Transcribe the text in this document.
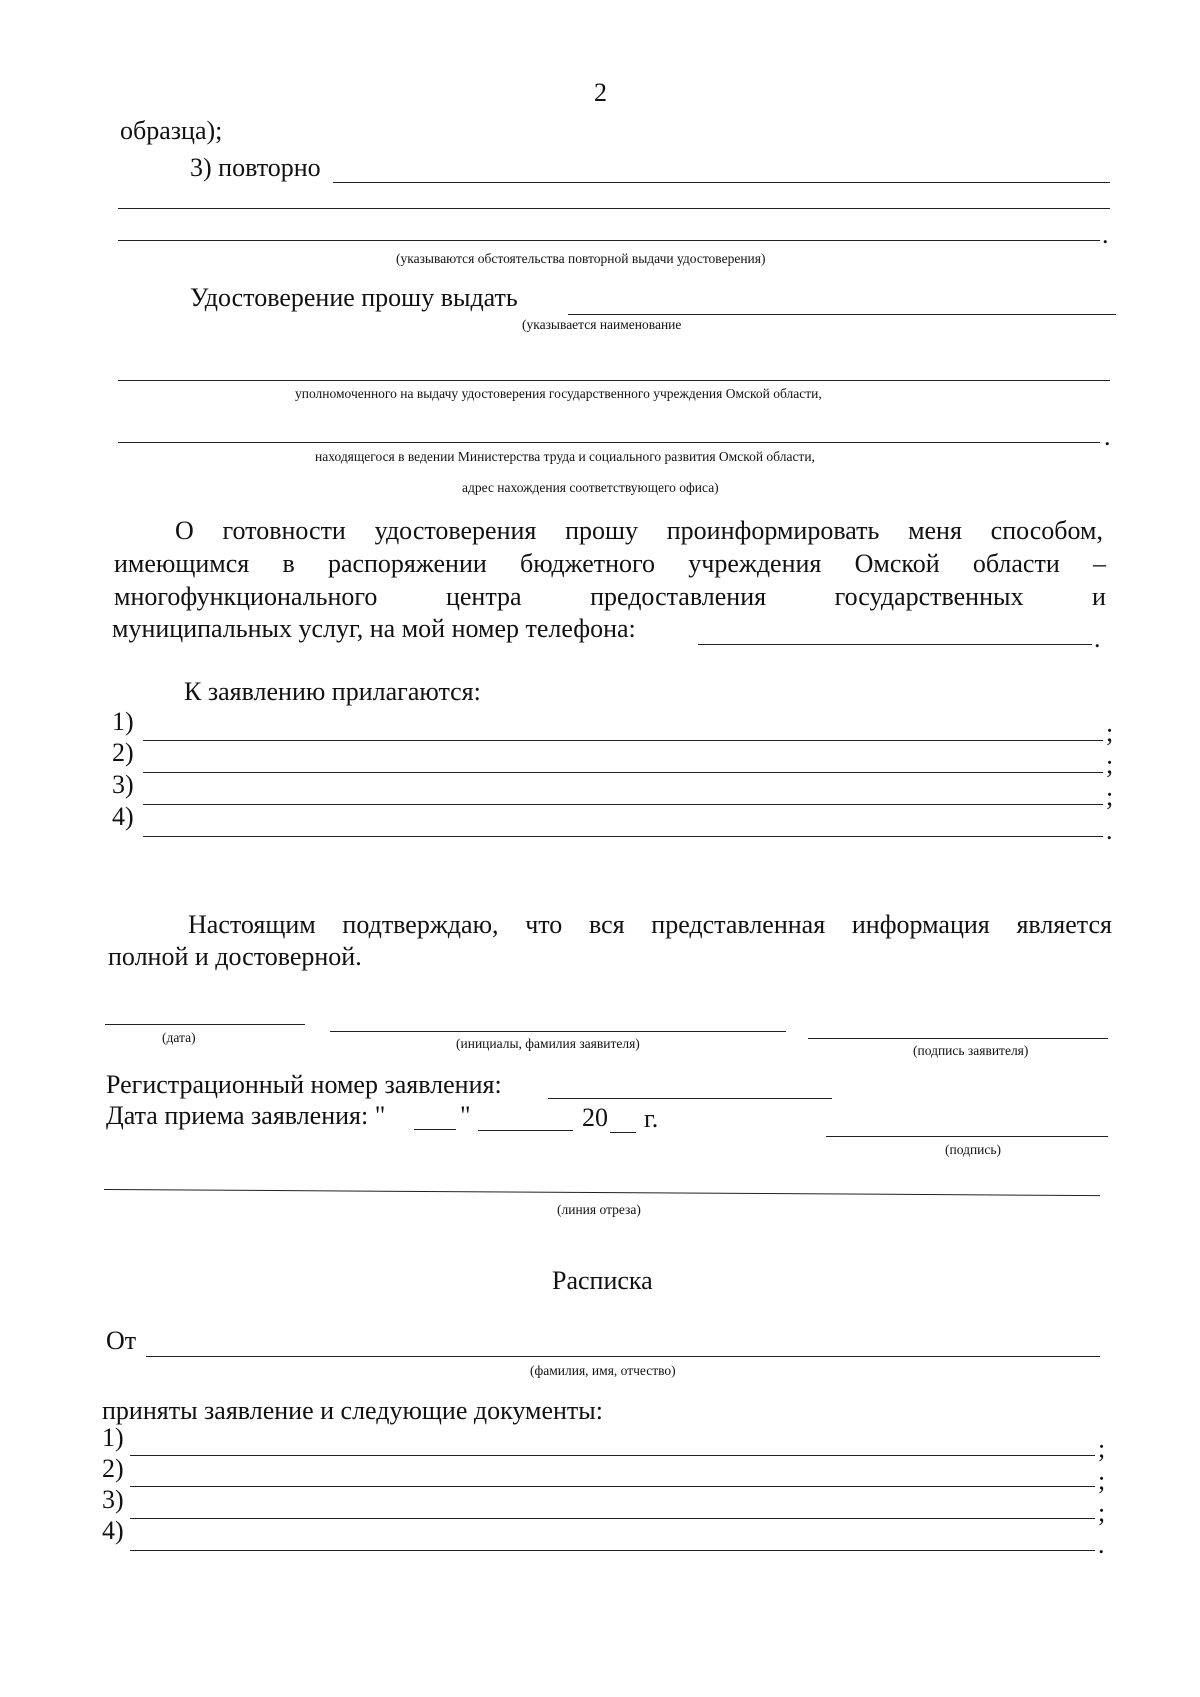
2
образца);
3) повторно
.
(указываются обстоятельства повторной выдачи удостоверения)
Удостоверение прошу выдать
(указывается наименование
уполномоченного на выдачу удостоверения государственного учреждения Омской области,
.
находящегося в ведении Министерства труда и социального развития Омской области,
адрес нахождения соответствующего офиса)
О готовности удостоверения прошу проинформировать меня способом,
имеющимся в распоряжении бюджетного учреждения Омской области –
многофункционального	центра	предоставления	государственных	и
муниципальных услуг, на мой номер телефона:	.
К заявлению прилагаются:
1)	;
2)	;
3)	;
4)	.
Настоящим подтверждаю, что вся представленная информация является
полной и достоверной.
(дата)	(инициалы, фамилия заявителя)	(подпись заявителя)
Регистрационный номер заявления:
Дата приема заявления: "	"	20 г.
(подпись)
(линия отреза)
Расписка
От
(фамилия, имя, отчество)
приняты заявление и следующие документы:
1)	;
2)	;
3)	;
4)	.
